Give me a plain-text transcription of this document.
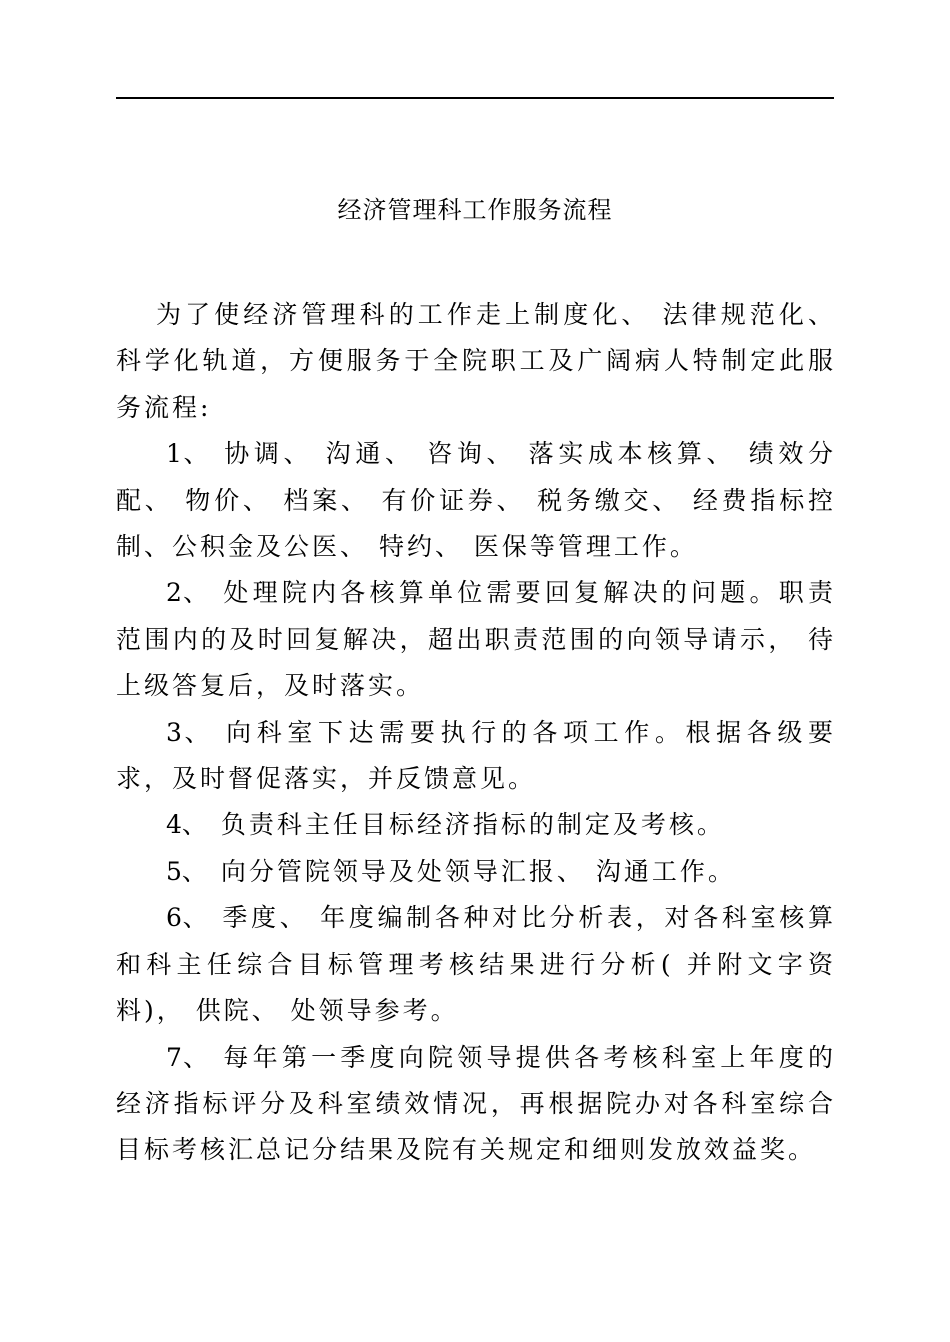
经济管理科工作服务流程

为了使经济管理科的工作走上制度化、 法律规范化、科学化轨道，方便服务于全院职工及广阔病人特制定此服务流程:

1、 协调、 沟通、 咨询、 落实成本核算、 绩效分配、 物价、 档案、 有价证券、 税务缴交、 经费指标控制、公积金及公医、 特约、 医保等管理工作。

2、 处理院内各核算单位需要回复解决的问题。职责范围内的及时回复解决，超出职责范围的向领导请示， 待上级答复后，及时落实。

3、 向科室下达需要执行的各项工作。根据各级要求，及时督促落实，并反馈意见。

4、 负责科主任目标经济指标的制定及考核。

5、 向分管院领导及处领导汇报、 沟通工作。

6、 季度、 年度编制各种对比分析表，对各科室核算和科主任综合目标管理考核结果进行分析( 并附文字资料)， 供院、 处领导参考。

7、 每年第一季度向院领导提供各考核科室上年度的经济指标评分及科室绩效情况，再根据院办对各科室综合目标考核汇总记分结果及院有关规定和细则发放效益奖。
